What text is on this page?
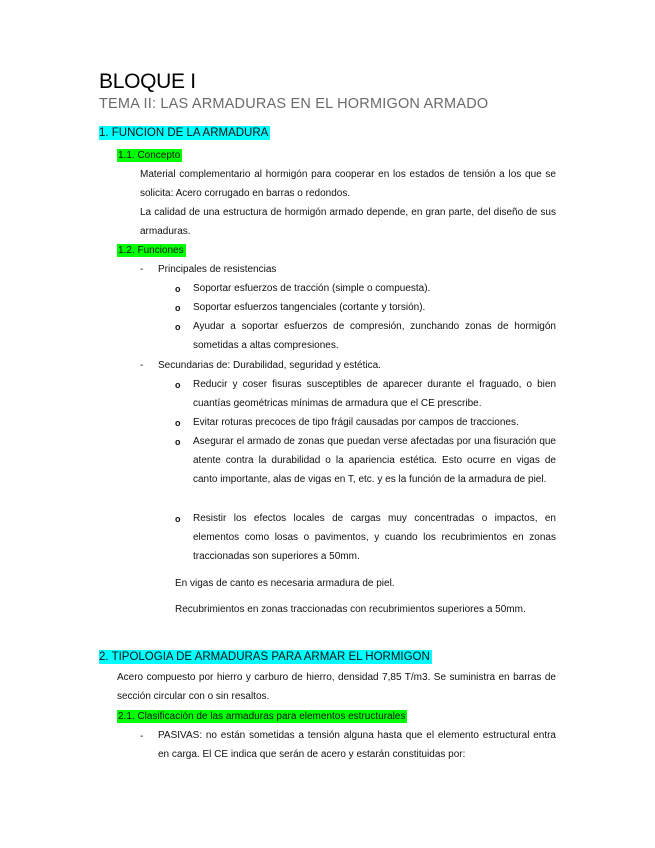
BLOQUE I
TEMA II: LAS ARMADURAS EN EL HORMIGON ARMADO
1. FUNCION DE LA ARMADURA
1.1. Concepto
Material complementario al hormigón para cooperar en los estados de tensión a los que se solicita: Acero corrugado en barras o redondos.
La calidad de una estructura de hormigón armado depende, en gran parte, del diseño de sus armaduras.
1.2. Funciones
- Principales de resistencias
o Soportar esfuerzos de tracción (simple o compuesta).
o Soportar esfuerzos tangenciales (cortante y torsión).
o Ayudar a soportar esfuerzos de compresión, zunchando zonas de hormigón sometidas a altas compresiones.
- Secundarias de: Durabilidad, seguridad y estética.
o Reducir y coser fisuras susceptibles de aparecer durante el fraguado, o bien cuantías geométricas mínimas de armadura que el CE prescribe.
o Evitar roturas precoces de tipo frágil causadas por campos de tracciones.
o Asegurar el armado de zonas que puedan verse afectadas por una fisuración que atente contra la durabilidad o la apariencia estética. Esto ocurre en vigas de canto importante, alas de vigas en T, etc. y es la función de la armadura de piel.
o Resistir los efectos locales de cargas muy concentradas o impactos, en elementos como losas o pavimentos, y cuando los recubrimientos en zonas traccionadas son superiores a 50mm.
En vigas de canto es necesaria armadura de piel.
Recubrimientos en zonas traccionadas con recubrimientos superiores a 50mm.
2. TIPOLOGIA DE ARMADURAS PARA ARMAR EL HORMIGON
Acero compuesto por hierro y carburo de hierro, densidad 7,85 T/m3. Se suministra en barras de sección circular con o sin resaltos.
2.1. Clasificación de las armaduras para elementos estructurales
- PASIVAS: no están sometidas a tensión alguna hasta que el elemento estructural entra en carga. El CE indica que serán de acero y estarán constituidas por:
